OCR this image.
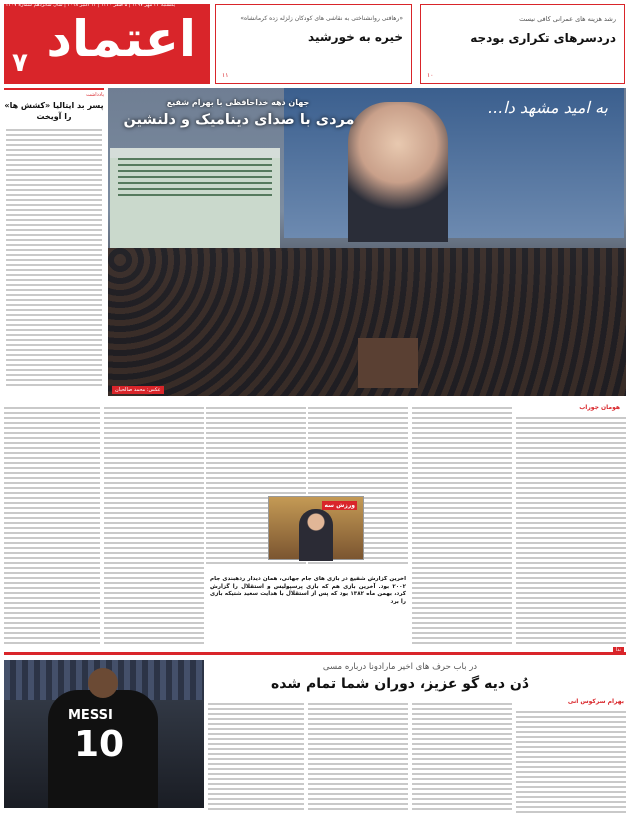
اعتماد
۷
یکشنبه ۲۲ مهر ۱۳۹۷ | ۵ صفر ۱۴۴۰ | ۱۴ اکتبر ۲۰۱۸ | سال شانزدهم شماره ۴۲۰۷
«رهافتی روانشناختی به نقاشی های کودکان زلزله زده کرمانشاه»
خیره به خورشید
۱۱
رشد هزینه های عمرانی کافی نیست
دردسرهای تکراری بودجه
۱۰
یادداشت
پسر بد ایتالیا «کشش ها» را آویخت	به امید مشهد دا...
جهان دهه خداحافظی با بهرام شفیع
مردی با صدای دینامیک و دلنشین
عکس: محمد صالحیان
هومان جوراب
ورزش سه
آخرین گزارش شفیع در بازی های جام جهانی، همان دیدار ردهبندی جام ۲۰۰۲ بود. آخرین بازی هم که بازی پرسپولیس و استقلال را گزارش کرد، بهمن ماه ۱۳۸۲ بود که پس از استقلال با هدایت سعید شتیکه بازی را برد
ندا
MESSI
10
در باب حرف های اخیر مارادونا درباره مسی
دُن دیه گو عزیز، دوران شما تمام شده
بهرام سرکوس انی
